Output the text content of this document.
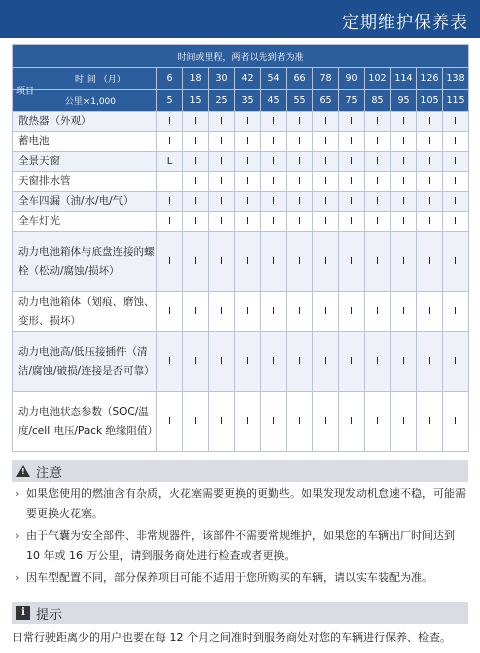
定期维护保养表
时间或里程，两者以先到者为准												

项目
时 间 （月）	6	18	30	42	54	66	78	90	102	114	126	138
公里×1,000	5	15	25	35	45	55	65	75	85	95	105	115
散热器（外观）	I	I	I	I	I	I	I	I	I	I	I	I
蓄电池	I	I	I	I	I	I	I	I	I	I	I	I
全景天窗	L	I	I	I	I	I	I	I	I	I	I	I
天窗排水管		I	I	I	I	I	I	I	I	I	I	I
全车四漏（油/水/电/气）	I	I	I	I	I	I	I	I	I	I	I	I
全车灯光	I	I	I	I	I	I	I	I	I	I	I	I
动力电池箱体与底盘连接的螺栓（松动/腐蚀/损坏）	I	I	I	I	I	I	I	I	I	I	I	I
动力电池箱体（划痕、磨蚀、变形、损坏）	I	I	I	I	I	I	I	I	I	I	I	I
动力电池高/低压接插件（清洁/腐蚀/破损/连接是否可靠）	I	I	I	I	I	I	I	I	I	I	I	I
动力电池状态参数（SOC/温度/cell 电压/Pack 绝缘阻值）	I	I	I	I	I	I	I	I	I	I	I	I
! 注意
› 如果您使用的燃油含有杂质，火花塞需要更换的更勤些。如果发现发动机怠速不稳，可能需要更换火花塞。
› 由于气囊为安全部件、非常规器件，该部件不需要常规维护，如果您的车辆出厂时间达到 10 年或 16 万公里，请到服务商处进行检查或者更换。
› 因车型配置不同，部分保养项目可能不适用于您所购买的车辆，请以实车装配为准。
i 提示
日常行驶距离少的用户也要在每 12 个月之间准时到服务商处对您的车辆进行保养、检查。
